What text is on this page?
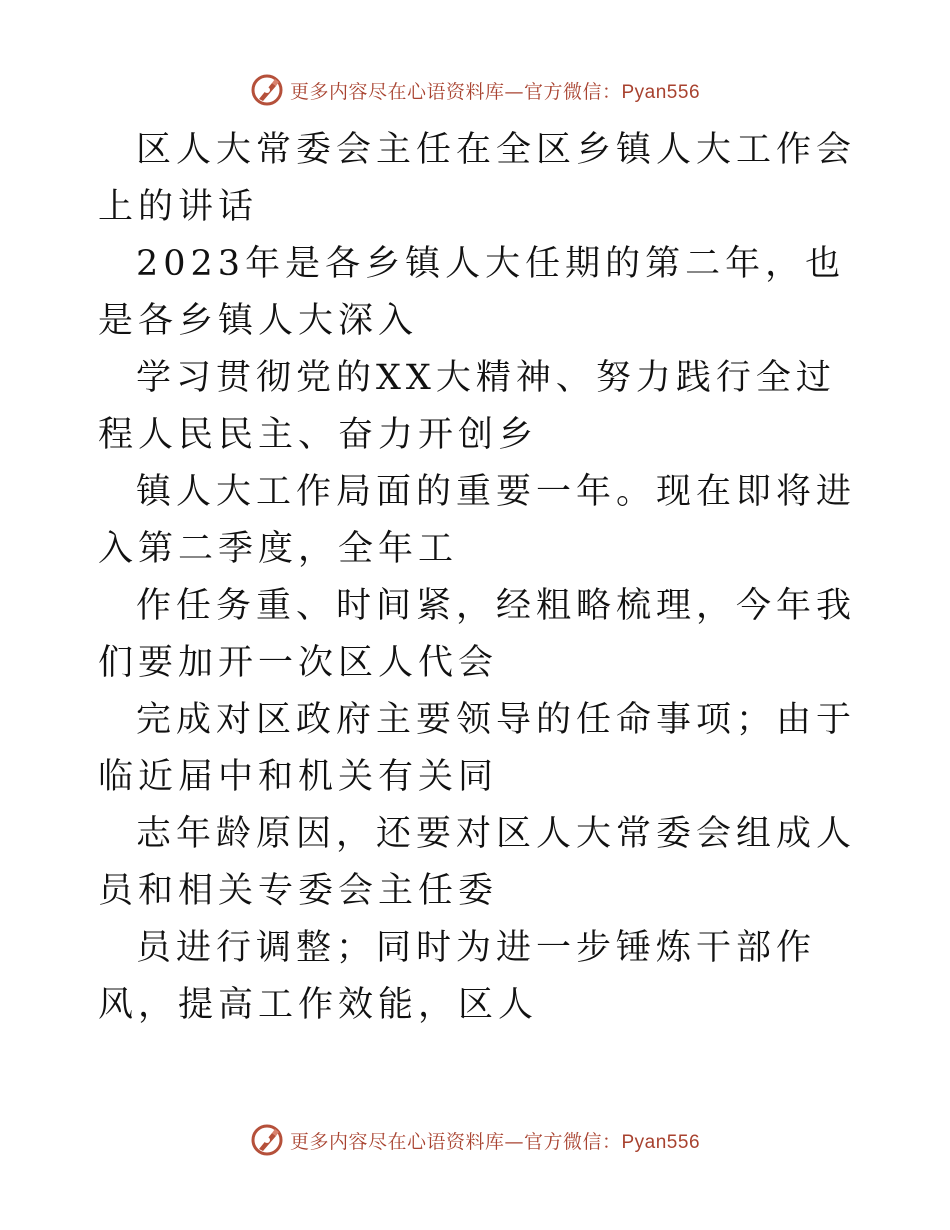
更多内容尽在心语资料库—官方微信：Pyan556

区人大常委会主任在全区乡镇人大工作会上的讲话

2023年是各乡镇人大任期的第二年，也是各乡镇人大深入

学习贯彻党的XX大精神、努力践行全过程人民民主、奋力开创乡

镇人大工作局面的重要一年。现在即将进入第二季度，全年工

作任务重、时间紧，经粗略梳理，今年我们要加开一次区人代会

完成对区政府主要领导的任命事项；由于临近届中和机关有关同

志年龄原因，还要对区人大常委会组成人员和相关专委会主任委

员进行调整；同时为进一步锤炼干部作风，提高工作效能，区人

更多内容尽在心语资料库—官方微信：Pyan556
